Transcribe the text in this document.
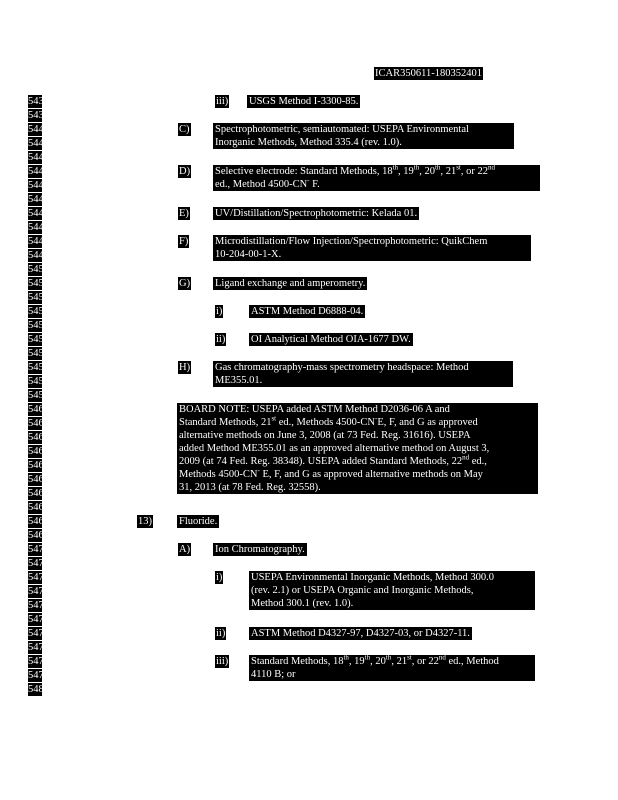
ICAR350611-180352401
5438
5439
5440
5441
5442
5443
5444
5445
5446
5447
5448
5449
5450
5451
5452
5453
5454
5455
5456
5457
5458
5459
5460
5461
5462
5463
5464
5465
5466
5467
5468
5469
5470
5471
5472
5473
5474
5475
5476
5477
5478
5479
5480
iii) USGS Method I-3300-85.
C) Spectrophotometric, semiautomated: USEPA Environmental
Inorganic Methods, Method 335.4 (rev. 1.0).
D) Selective electrode: Standard Methods, 18th, 19th, 20th, 21st, or 22nd
ed., Method 4500-CN- F.
E) UV/Distillation/Spectrophotometric: Kelada 01.
F)	Microdistillation/Flow Injection/Spectrophotometric: QuikChem
10-204-00-1-X.
G) Ligand exchange and amperometry.
i)	ASTM Method D6888-04.
ii) OI Analytical Method OIA-1677 DW.
H) Gas chromatography-mass spectrometry headspace: Method
ME355.01.
BOARD NOTE: USEPA added ASTM Method D2036-06 A and
Standard Methods, 21st ed., Methods 4500-CN-E, F, and G as approved
alternative methods on June 3, 2008 (at 73 Fed. Reg. 31616). USEPA
added Method ME355.01 as an approved alternative method on August 3,
2009 (at 74 Fed. Reg. 38348). USEPA added Standard Methods, 22nd ed.,
Methods 4500-CN- E, F, and G as approved alternative methods on May
31, 2013 (at 78 Fed. Reg. 32558).
13)	Fluoride.
A) Ion Chromatography.
i)	USEPA Environmental Inorganic Methods, Method 300.0
(rev. 2.1) or USEPA Organic and Inorganic Methods,
Method 300.1 (rev. 1.0).
ii) ASTM Method D4327-97, D4327-03, or D4327-11.
iii) Standard Methods, 18th, 19th, 20th, 21st, or 22nd ed., Method
4110 B; or
